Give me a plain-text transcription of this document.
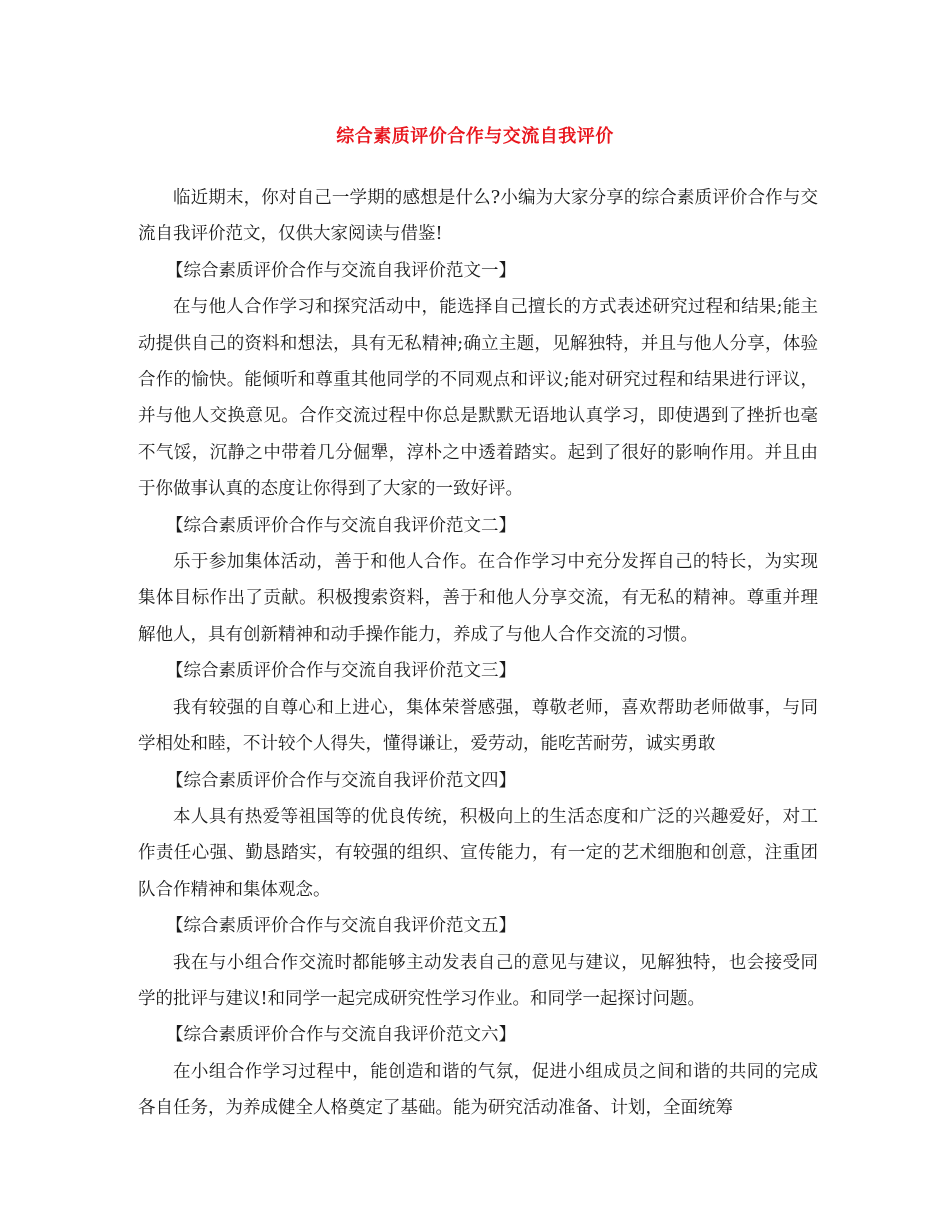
综合素质评价合作与交流自我评价

临近期末，你对自己一学期的感想是什么?小编为大家分享的综合素质评价合作与交流自我评价范文，仅供大家阅读与借鉴!

【综合素质评价合作与交流自我评价范文一】

在与他人合作学习和探究活动中，能选择自己擅长的方式表述研究过程和结果;能主动提供自己的资料和想法，具有无私精神;确立主题，见解独特，并且与他人分享，体验合作的愉快。能倾听和尊重其他同学的不同观点和评议;能对研究过程和结果进行评议，并与他人交换意见。合作交流过程中你总是默默无语地认真学习，即使遇到了挫折也毫不气馁，沉静之中带着几分倔犟，淳朴之中透着踏实。起到了很好的影响作用。并且由于你做事认真的态度让你得到了大家的一致好评。

【综合素质评价合作与交流自我评价范文二】

乐于参加集体活动，善于和他人合作。在合作学习中充分发挥自己的特长，为实现集体目标作出了贡献。积极搜索资料，善于和他人分享交流，有无私的精神。尊重并理解他人，具有创新精神和动手操作能力，养成了与他人合作交流的习惯。

【综合素质评价合作与交流自我评价范文三】

我有较强的自尊心和上进心，集体荣誉感强，尊敬老师，喜欢帮助老师做事，与同学相处和睦，不计较个人得失，懂得谦让，爱劳动，能吃苦耐劳，诚实勇敢

【综合素质评价合作与交流自我评价范文四】

本人具有热爱等祖国等的优良传统，积极向上的生活态度和广泛的兴趣爱好，对工作责任心强、勤恳踏实，有较强的组织、宣传能力，有一定的艺术细胞和创意，注重团队合作精神和集体观念。

【综合素质评价合作与交流自我评价范文五】

我在与小组合作交流时都能够主动发表自己的意见与建议，见解独特，也会接受同学的批评与建议!和同学一起完成研究性学习作业。和同学一起探讨问题。

【综合素质评价合作与交流自我评价范文六】

在小组合作学习过程中，能创造和谐的气氛，促进小组成员之间和谐的共同的完成各自任务，为养成健全人格奠定了基础。能为研究活动准备、计划，全面统筹
